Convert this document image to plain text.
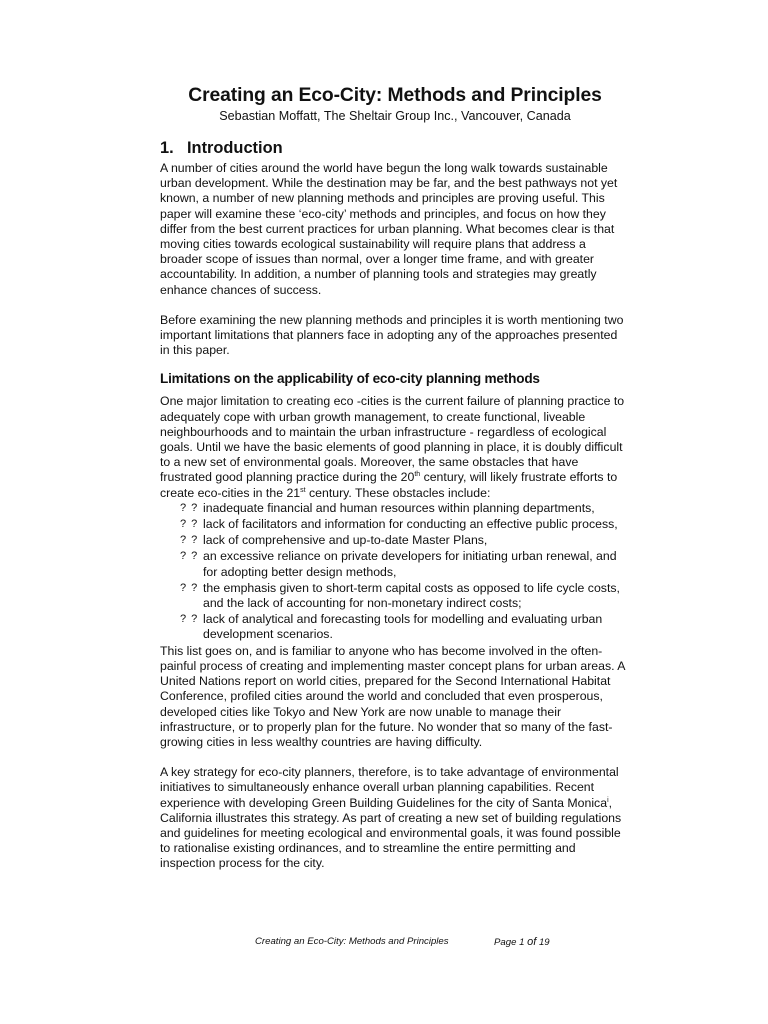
Creating an Eco-City: Methods and Principles
Sebastian Moffatt, The Sheltair Group Inc., Vancouver, Canada
1. Introduction

A number of cities around the world have begun the long walk towards sustainable urban development. While the destination may be far, and the best pathways not yet known, a number of new planning methods and principles are proving useful. This paper will examine these ‘eco-city’ methods and principles, and focus on how they differ from the best current practices for urban planning. What becomes clear is that moving cities towards ecological sustainability will require plans that address a broader scope of issues than normal, over a longer time frame, and with greater accountability. In addition, a number of planning tools and strategies may greatly enhance chances of success.

Before examining the new planning methods and principles it is worth mentioning two important limitations that planners face in adopting any of the approaches presented in this paper.

Limitations on the applicability of eco-city planning methods

One major limitation to creating eco -cities is the current failure of planning practice to adequately cope with urban growth management, to create functional, liveable neighbourhoods and to maintain the urban infrastructure - regardless of ecological goals. Until we have the basic elements of good planning in place, it is doubly difficult to a new set of environmental goals. Moreover, the same obstacles that have frustrated good planning practice during the 20th century, will likely frustrate efforts to create eco-cities in the 21st century. These obstacles include:

? ? inadequate financial and human resources within planning departments,
? ? lack of facilitators and information for conducting an effective public process,
? ? lack of comprehensive and up-to-date Master Plans,
? ? an excessive reliance on private developers for initiating urban renewal, and for adopting better design methods,
? ? the emphasis given to short-term capital costs as opposed to life cycle costs, and the lack of accounting for non-monetary indirect costs;
? ? lack of analytical and forecasting tools for modelling and evaluating urban development scenarios.

This list goes on, and is familiar to anyone who has become involved in the often-painful process of creating and implementing master concept plans for urban areas. A United Nations report on world cities, prepared for the Second International Habitat Conference, profiled cities around the world and concluded that even prosperous, developed cities like Tokyo and New York are now unable to manage their infrastructure, or to properly plan for the future. No wonder that so many of the fast-growing cities in less wealthy countries are having difficulty.

A key strategy for eco-city planners, therefore, is to take advantage of environmental initiatives to simultaneously enhance overall urban planning capabilities. Recent experience with developing Green Building Guidelines for the city of Santa Monica$^i$, California illustrates this strategy. As part of creating a new set of building regulations and guidelines for meeting ecological and environmental goals, it was found possible to rationalise existing ordinances, and to streamline the entire permitting and inspection process for the city.

Creating an Eco-City: Methods and Principles	Page 1 of 19
